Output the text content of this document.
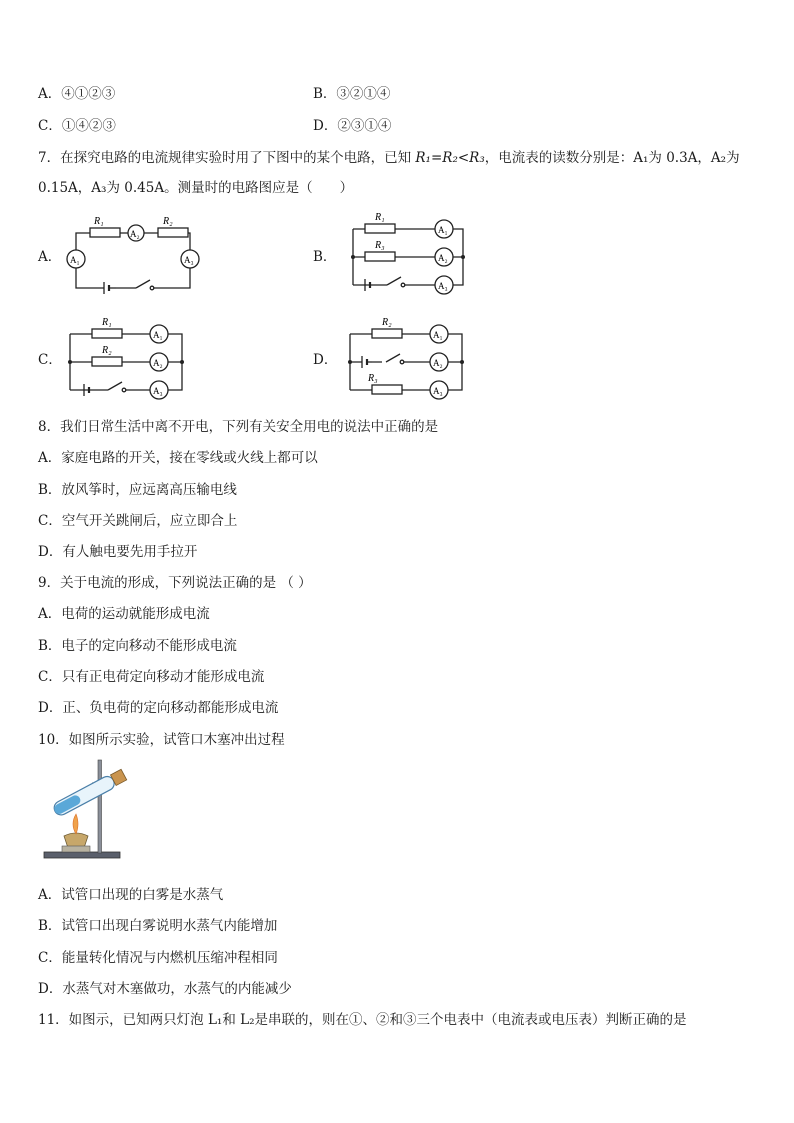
A．④①②③	B．③②①④
C．①④②③	D．②③①④
7．在探究电路的电流规律实验时用了下图中的某个电路，已知 R₁=R₂<R₃，电流表的读数分别是：A₁为 0.3A，A₂为
0.15A，A₃为 0.45A。测量时的电路图应是（　　）
A．	B．
C．	D．
R₁	R₂
A₂
A₁	A₃
R₁
R₃
A₁
A₂
A₃
R₁
R₂
A₁
A₂
A₃
R₂
R₃
A₁
A₂
A₃
8．我们日常生活中离不开电，下列有关安全用电的说法中正确的是
A．家庭电路的开关，接在零线或火线上都可以
B．放风筝时，应远离高压输电线
C．空气开关跳闸后，应立即合上
D．有人触电要先用手拉开
9．关于电流的形成，下列说法正确的是 （ ）
A．电荷的运动就能形成电流
B．电子的定向移动不能形成电流
C．只有正电荷定向移动才能形成电流
D．正、负电荷的定向移动都能形成电流
10．如图所示实验，试管口木塞冲出过程
A．试管口出现的白雾是水蒸气
B．试管口出现白雾说明水蒸气内能增加
C．能量转化情况与内燃机压缩冲程相同
D．水蒸气对木塞做功，水蒸气的内能减少
11．如图示，已知两只灯泡 L₁和 L₂是串联的，则在①、②和③三个电表中（电流表或电压表）判断正确的是
